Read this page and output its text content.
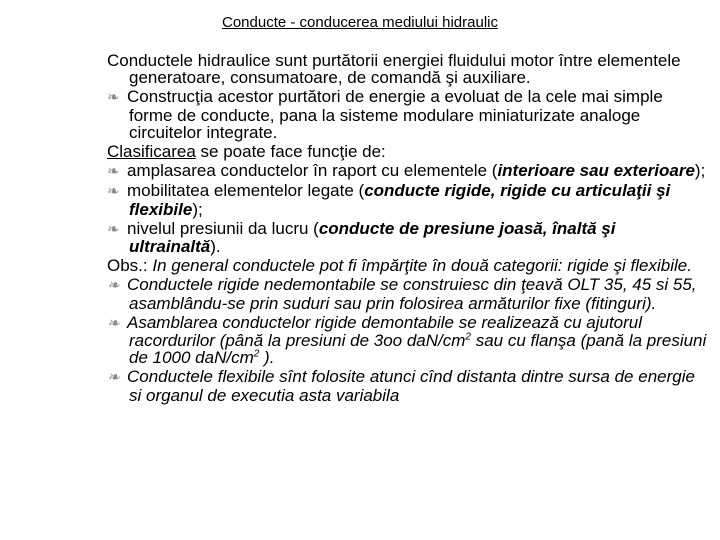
Conducte - conducerea mediului hidraulic

Conductele hidraulice sunt purtătorii energiei fluidului motor între elementele generatoare, consumatoare, de comandă şi auxiliare.

❧ Construcţia acestor purtători de energie a evoluat de la cele mai simple forme de conducte, pana la sisteme modulare miniaturizate analoge circuitelor integrate.

Clasificarea se poate face funcţie de:

❧ amplasarea conductelor în raport cu elementele (interioare sau exterioare);

❧ mobilitatea elementelor legate (conducte rigide, rigide cu articulaţii şi flexibile);

❧ nivelul presiunii da lucru (conducte de presiune joasă, înaltă şi ultrainaltă).

Obs.: In general conductele pot fi împărţite în două categorii: rigide şi flexibile.

❧ Conductele rigide nedemontabile se construiesc din ţeavă OLT 35, 45 si 55, asamblându-se prin suduri sau prin folosirea armăturilor fixe (fitinguri).

❧ Asamblarea conductelor rigide demontabile se realizează cu ajutorul racordurilor (până la presiuni de 3oo daN/$cm^2$ sau cu flanşa (pană la presiuni de 1000 daN/$cm^2$ ).

❧ Conductele flexibile sînt folosite atunci cînd distanta dintre sursa de energie si organul de executia asta variabila
